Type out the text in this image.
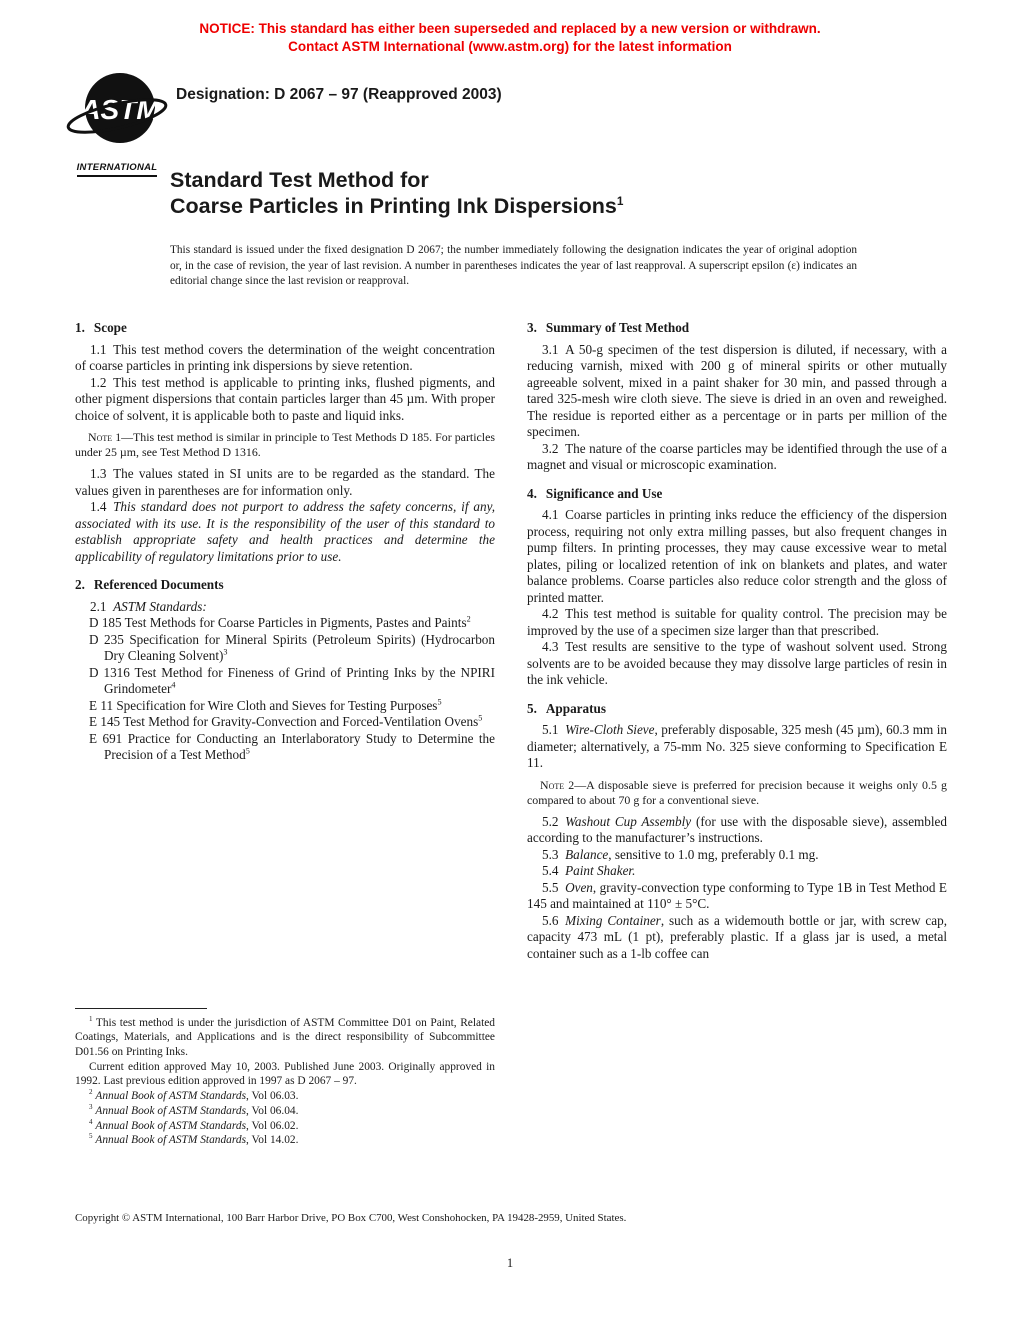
NOTICE: This standard has either been superseded and replaced by a new version or withdrawn.
Contact ASTM International (www.astm.org) for the latest information
ASTM
INTERNATIONAL
Designation: D 2067 – 97 (Reapproved 2003)
Standard Test Method for
Coarse Particles in Printing Ink Dispersions$^1$

This standard is issued under the fixed designation D 2067; the number immediately following the designation indicates the year of original adoption or, in the case of revision, the year of last revision. A number in parentheses indicates the year of last reapproval. A superscript epsilon (ε) indicates an editorial change since the last revision or reapproval.

1. Scope

1.1 This test method covers the determination of the weight concentration of coarse particles in printing ink dispersions by sieve retention.

1.2 This test method is applicable to printing inks, flushed pigments, and other pigment dispersions that contain particles larger than 45 µm. With proper choice of solvent, it is applicable both to paste and liquid inks.

Note 1—This test method is similar in principle to Test Methods D 185. For particles under 25 µm, see Test Method D 1316.

1.3 The values stated in SI units are to be regarded as the standard. The values given in parentheses are for information only.

1.4 This standard does not purport to address the safety concerns, if any, associated with its use. It is the responsibility of the user of this standard to establish appropriate safety and health practices and determine the applicability of regulatory limitations prior to use.

2. Referenced Documents

2.1 ASTM Standards:

D 185 Test Methods for Coarse Particles in Pigments, Pastes and Paints$^2$

D 235 Specification for Mineral Spirits (Petroleum Spirits) (Hydrocarbon Dry Cleaning Solvent)$^3$

D 1316 Test Method for Fineness of Grind of Printing Inks by the NPIRI Grindometer$^4$

E 11 Specification for Wire Cloth and Sieves for Testing Purposes$^5$

E 145 Test Method for Gravity-Convection and Forced-Ventilation Ovens$^5$

E 691 Practice for Conducting an Interlaboratory Study to Determine the Precision of a Test Method$^5$

$^1$ This test method is under the jurisdiction of ASTM Committee D01 on Paint, Related Coatings, Materials, and Applications and is the direct responsibility of Subcommittee D01.56 on Printing Inks.

Current edition approved May 10, 2003. Published June 2003. Originally approved in 1992. Last previous edition approved in 1997 as D 2067 – 97.

$^2$ Annual Book of ASTM Standards, Vol 06.03.

$^3$ Annual Book of ASTM Standards, Vol 06.04.

$^4$ Annual Book of ASTM Standards, Vol 06.02.

$^5$ Annual Book of ASTM Standards, Vol 14.02.

3. Summary of Test Method

3.1 A 50-g specimen of the test dispersion is diluted, if necessary, with a reducing varnish, mixed with 200 g of mineral spirits or other mutually agreeable solvent, mixed in a paint shaker for 30 min, and passed through a tared 325-mesh wire cloth sieve. The sieve is dried in an oven and reweighed. The residue is reported either as a percentage or in parts per million of the specimen.

3.2 The nature of the coarse particles may be identified through the use of a magnet and visual or microscopic examination.

4. Significance and Use

4.1 Coarse particles in printing inks reduce the efficiency of the dispersion process, requiring not only extra milling passes, but also frequent changes in pump filters. In printing processes, they may cause excessive wear to metal plates, piling or localized retention of ink on blankets and plates, and water balance problems. Coarse particles also reduce color strength and the gloss of printed matter.

4.2 This test method is suitable for quality control. The precision may be improved by the use of a specimen size larger than that prescribed.

4.3 Test results are sensitive to the type of washout solvent used. Strong solvents are to be avoided because they may dissolve large particles of resin in the ink vehicle.

5. Apparatus

5.1 Wire-Cloth Sieve, preferably disposable, 325 mesh (45 µm), 60.3 mm in diameter; alternatively, a 75-mm No. 325 sieve conforming to Specification E 11.

Note 2—A disposable sieve is preferred for precision because it weighs only 0.5 g compared to about 70 g for a conventional sieve.

5.2 Washout Cup Assembly (for use with the disposable sieve), assembled according to the manufacturer’s instructions.

5.3 Balance, sensitive to 1.0 mg, preferably 0.1 mg.

5.4 Paint Shaker.

5.5 Oven, gravity-convection type conforming to Type 1B in Test Method E 145 and maintained at 110° ± 5°C.

5.6 Mixing Container, such as a widemouth bottle or jar, with screw cap, capacity 473 mL (1 pt), preferably plastic. If a glass jar is used, a metal container such as a 1-lb coffee can

Copyright © ASTM International, 100 Barr Harbor Drive, PO Box C700, West Conshohocken, PA 19428-2959, United States.

1
